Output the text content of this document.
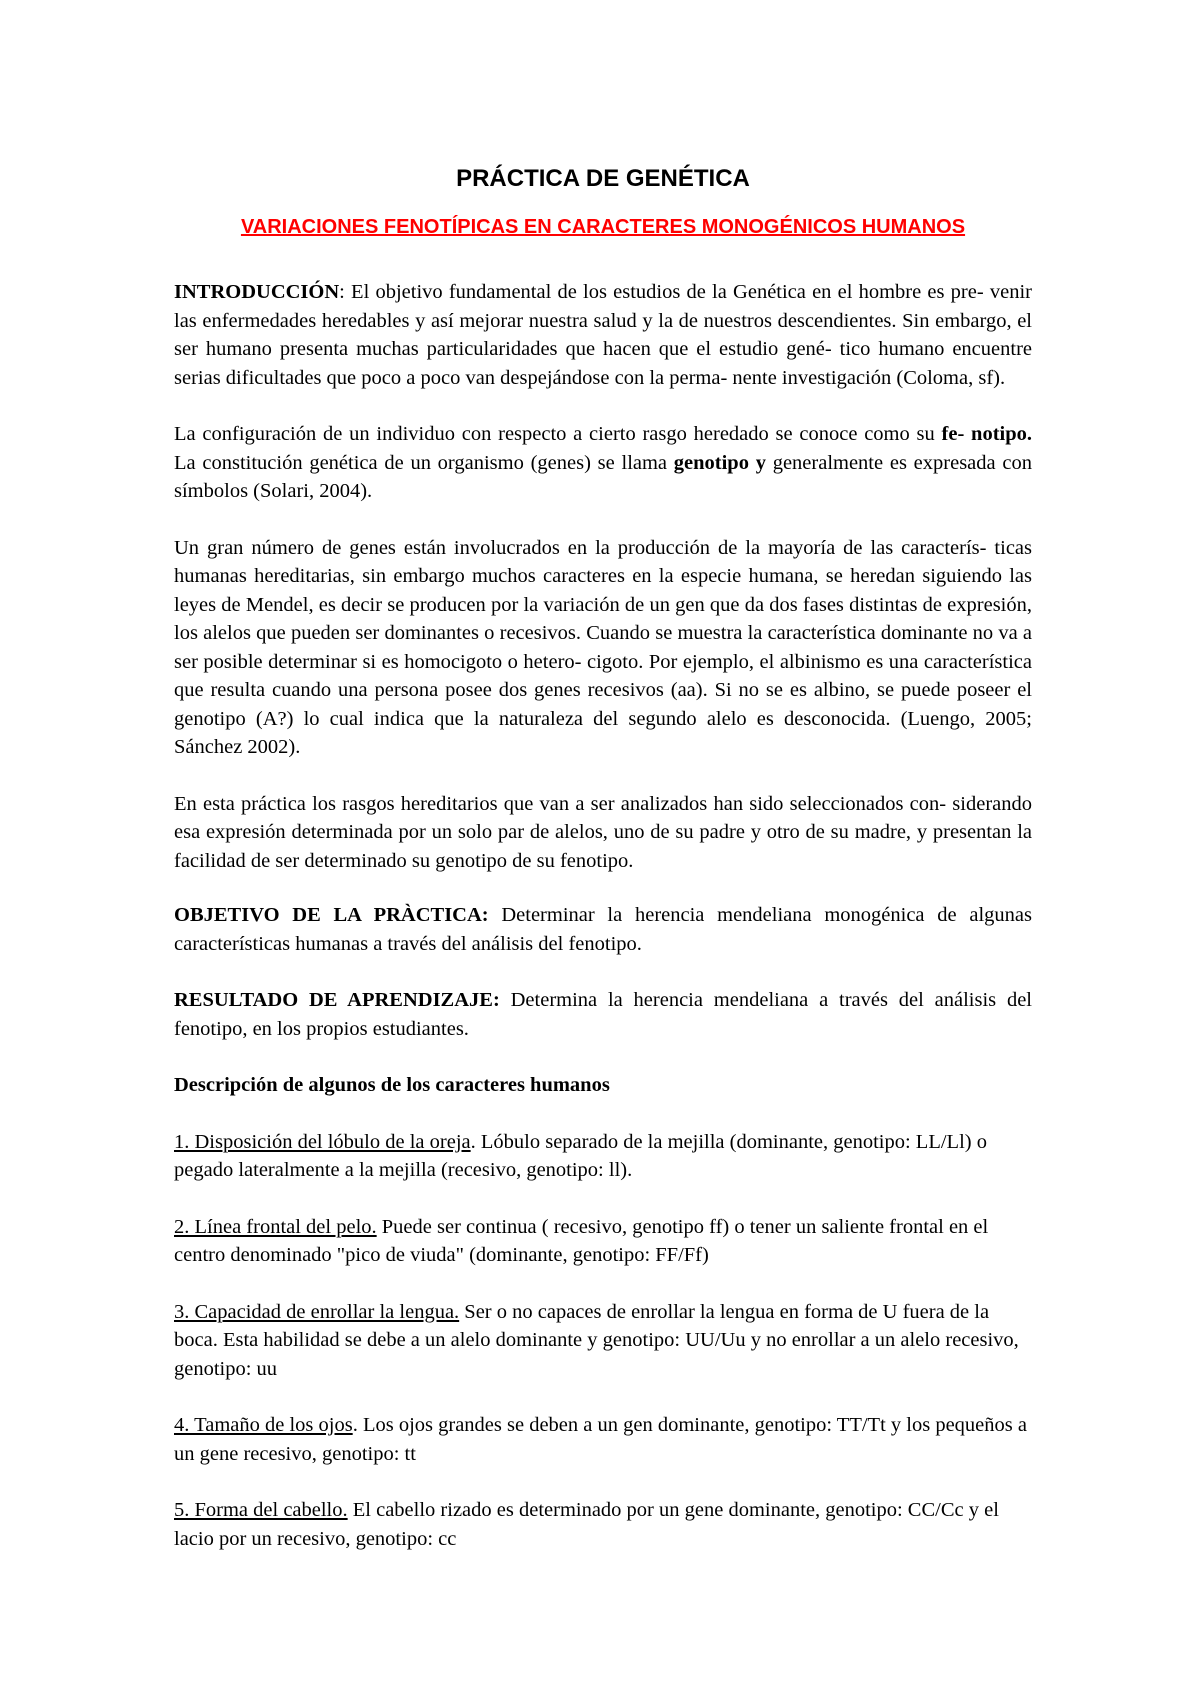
PRÁCTICA DE GENÉTICA
VARIACIONES FENOTÍPICAS EN CARACTERES MONOGÉNICOS HUMANOS

INTRODUCCIÓN: El objetivo fundamental de los estudios de la Genética en el hombre es pre- venir las enfermedades heredables y así mejorar nuestra salud y la de nuestros descendientes. Sin embargo, el ser humano presenta muchas particularidades que hacen que el estudio gené- tico humano encuentre serias dificultades que poco a poco van despejándose con la perma- nente investigación (Coloma, sf).

La configuración de un individuo con respecto a cierto rasgo heredado se conoce como su fe- notipo. La constitución genética de un organismo (genes) se llama genotipo y generalmente es expresada con símbolos (Solari, 2004).

Un gran número de genes están involucrados en la producción de la mayoría de las caracterís- ticas humanas hereditarias, sin embargo muchos caracteres en la especie humana, se heredan siguiendo las leyes de Mendel, es decir se producen por la variación de un gen que da dos fases distintas de expresión, los alelos que pueden ser dominantes o recesivos. Cuando se muestra la característica dominante no va a ser posible determinar si es homocigoto o hetero- cigoto. Por ejemplo, el albinismo es una característica que resulta cuando una persona posee dos genes recesivos (aa). Si no se es albino, se puede poseer el genotipo (A?) lo cual indica que la naturaleza del segundo alelo es desconocida. (Luengo, 2005; Sánchez 2002).

En esta práctica los rasgos hereditarios que van a ser analizados han sido seleccionados con- siderando esa expresión determinada por un solo par de alelos, uno de su padre y otro de su madre, y presentan la facilidad de ser determinado su genotipo de su fenotipo.

OBJETIVO DE LA PRÀCTICA: Determinar la herencia mendeliana monogénica de algunas características humanas a través del análisis del fenotipo.

RESULTADO DE APRENDIZAJE: Determina la herencia mendeliana a través del análisis del fenotipo, en los propios estudiantes.

Descripción de algunos de los caracteres humanos

1. Disposición del lóbulo de la oreja. Lóbulo separado de la mejilla (dominante, genotipo: LL/Ll) o pegado lateralmente a la mejilla (recesivo, genotipo: ll).

2. Línea frontal del pelo. Puede ser continua ( recesivo, genotipo ff) o tener un saliente frontal en el centro denominado "pico de viuda" (dominante, genotipo: FF/Ff)

3. Capacidad de enrollar la lengua. Ser o no capaces de enrollar la lengua en forma de U fuera de la boca. Esta habilidad se debe a un alelo dominante y genotipo: UU/Uu y no enrollar a un alelo recesivo, genotipo: uu

4. Tamaño de los ojos. Los ojos grandes se deben a un gen dominante, genotipo: TT/Tt y los pequeños a un gene recesivo, genotipo: tt

5. Forma del cabello. El cabello rizado es determinado por un gene dominante, genotipo: CC/Cc y el lacio por un recesivo, genotipo: cc
